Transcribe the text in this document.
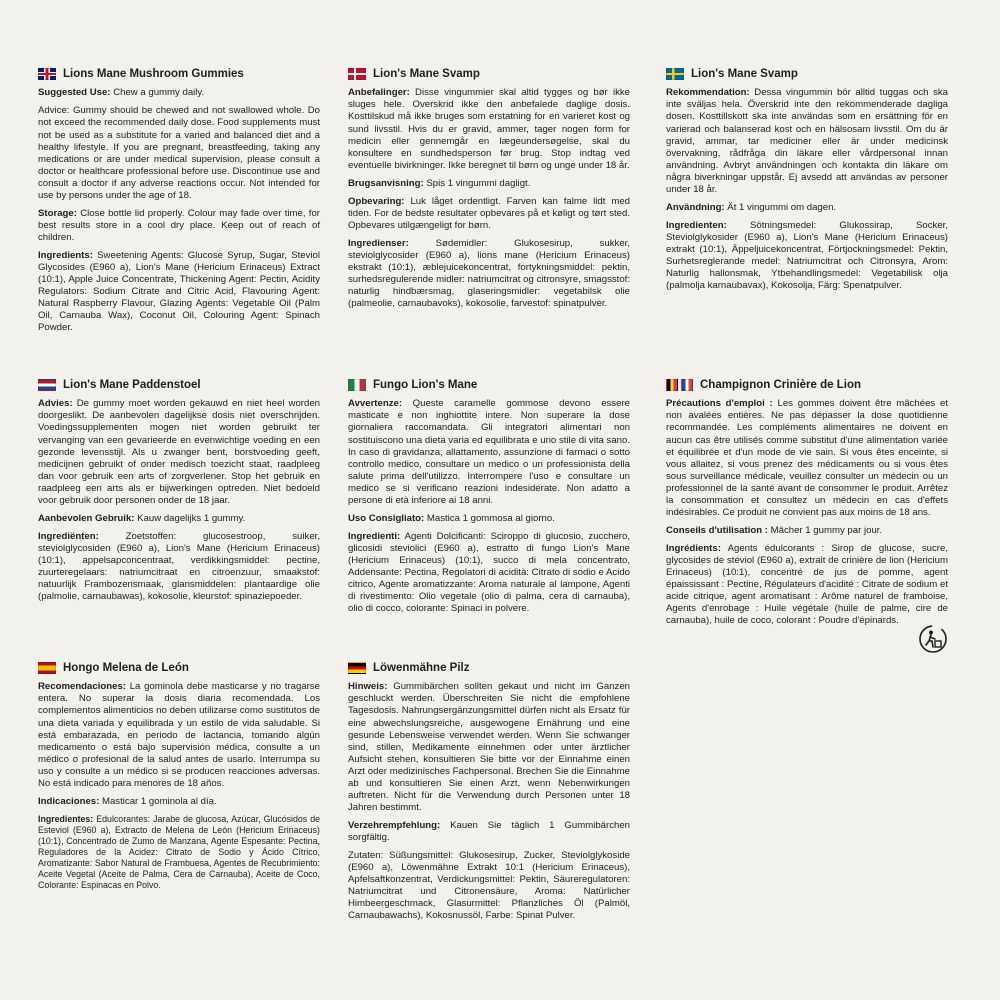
Lions Mane Mushroom Gummies

Suggested Use: Chew a gummy daily.

Advice: Gummy should be chewed and not swallowed whole. Do not exceed the recommended daily dose. Food supplements must not be used as a substitute for a varied and balanced diet and a healthy lifestyle. If you are pregnant, breastfeeding, taking any medications or are under medical supervision, please consult a doctor or healthcare professional before use. Discontinue use and consult a doctor if any adverse reactions occur. Not intended for use by persons under the age of 18.

Storage: Close bottle lid properly. Colour may fade over time, for best results store in a cool dry place. Keep out of reach of children.

Ingredients: Sweetening Agents: Glucose Syrup, Sugar, Steviol Glycosides (E960 a), Lion's Mane (Hericium Erinaceus) Extract (10:1), Apple Juice Concentrate, Thickening Agent: Pectin, Acidity Regulators: Sodium Citrate and Citric Acid, Flavouring Agent: Natural Raspberry Flavour, Glazing Agents: Vegetable Oil (Palm Oil, Carnauba Wax), Coconut Oil, Colouring Agent: Spinach Powder.

Lion's Mane Svamp

Anbefalinger: Disse vingummier skal altid tygges og bør ikke sluges hele. Overskrid ikke den anbefalede daglige dosis. Kosttilskud må ikke bruges som erstatning for en varieret kost og sund livsstil. Hvis du er gravid, ammer, tager nogen form for medicin eller gennemgår en lægeundersøgelse, skal du konsultere en sundhedsperson før brug. Stop indtag ved eventuelle bivirkninger. Ikke beregnet til børn og unge under 18 år.

Brugsanvisning: Spis 1 vingummi dagligt.

Opbevaring: Luk låget ordentligt. Farven kan falme lidt med tiden. For de bedste resultater opbevares på et køligt og tørt sted. Opbevares utilgængeligt for børn.

Ingredienser:	Sødemidler: Glukosesirup, sukker, steviolglycosider (E960 a), lions mane (Hericium Erinaceus) ekstrakt (10:1), æblejuicekoncentrat, fortykningsmiddel: pektin, surhedsregulerende midler: natriumcitrat og citronsyre, smagsstof: naturlig hindbærsmag, glaseringsmidler: vegetabilsk olie (palmeolie, carnaubavoks), kokosolie, farvestof: spinatpulver.

Lion's Mane Svamp

Rekommendation: Dessa vingummin bör alltid tuggas och ska inte sväljas hela. Överskrid inte den rekommenderade dagliga dosen. Kosttillskott ska inte användas som en ersättning för en varierad och balanserad kost och en hälsosam livsstil. Om du är gravid, ammar, tar mediciner eller är under medicinsk övervakning, rådfråga din läkare eller vårdpersonal innan användning. Avbryt användningen och kontakta din läkare om några biverkningar uppstår. Ej avsedd att användas av personer under 18 år.

Användning: Ät 1 vingummi om dagen.

Ingredienten: Sötningsmedel: Glukossirap, Socker, Steviolglykosider (E960 a), Lion's Mane (Hericium Erinaceus) extrakt (10:1), Äppeljuicekoncentrat, Förtjockningsmedel: Pektin, Surhetsreglerande medel: Natriumcitrat och Citronsyra, Arom: Naturlig hallonsmak, Ytbehandlingsmedel: Vegetabilisk olja (palmolja karnaubavax), Kokosolja, Färg: Spenatpulver.

Lion's Mane Paddenstoel

Advies: De gummy moet worden gekauwd en niet heel worden doorgeslikt. De aanbevolen dagelijkse dosis niet overschrijden. Voedingssupplementen mogen niet worden gebruikt ter vervanging van een gevarieerde en evenwichtige voeding en een gezonde levensstijl. Als u zwanger bent, borstvoeding geeft, medicijnen gebruikt of onder medisch toezicht staat, raadpleeg dan voor gebruik een arts of zorgverlener. Stop het gebruik en raadpleeg een arts als er bijwerkingen optreden. Niet bedoeld voor gebruik door personen onder de 18 jaar.

Aanbevolen Gebruik: Kauw dagelijks 1 gummy.

Ingrediënten:	Zoetstoffen: glucosestroop, suiker, steviolglycosiden (E960 a), Lion's Mane (Hericium Erinaceus) (10:1), appelsapconcentraat, verdikkingsmiddel: pectine, zuurteregelaars: natriumcitraat en citroenzuur, smaakstof: natuurlijk Frambozensmaak, glansmiddelen: plantaardige olie (palmolie, carnaubawas), kokosolie, kleurstof: spinaziepoeder.

Fungo Lion's Mane

Avvertenze: Queste caramelle gommose devono essere masticate e non inghiottite intere. Non superare la dose giornaliera raccomandata. Gli integratori alimentari non sostituiscono una dieta varia ed equilibrata e uno stile di vita sano. In caso di gravidanza, allattamento, assunzione di farmaci o sotto controllo medico, consultare un medico o un professionista della salute prima dell'utilizzo. Interrompere l'uso e consultare un medico se si verificano reazioni indesiderate. Non adatto a persone di età inferiore ai 18 anni.

Uso Consigliato: Mastica 1 gommosa al giorno.

Ingredienti: Agenti Dolcificanti: Sciroppo di glucosio, zucchero, glicosidi steviolici (E960 a), estratto di fungo Lion's Mane (Hericium Erinaceus) (10:1), succo di mela concentrato, Addensante: Pectina, Regolatori di acidità: Citrato di sodio e Acido citrico, Agente aromatizzante: Aroma naturale al lampone, Agenti di rivestimento: Olio vegetale (olio di palma, cera di carnauba), olio di cocco, colorante: Spinaci in polvere.

Champignon Crinière de Lion

Précautions d'emploi : Les gommes doivent être mâchées et non avalées entières. Ne pas dépasser la dose quotidienne recommandée. Les compléments alimentaires ne doivent en aucun cas être utilisés comme substitut d'une alimentation variée et équilibrée et d'un mode de vie sain. Si vous êtes enceinte, si vous allaitez, si vous prenez des médicaments ou si vous êtes sous surveillance médicale, veuillez consulter un médecin ou un professionnel de la santé avant de consommer le produit. Arrêtez la consommation et consultez un médecin en cas d'effets indésirables. Ce produit ne convient pas aux moins de 18 ans.

Conseils d'utilisation : Mâcher 1 gummy par jour.

Ingrédients: Agents édulcorants : Sirop de glucose, sucre, glycosides de stéviol (E960 a), extrait de crinière de lion (Hericium Erinaceus) (10:1), concentré de jus de pomme, agent épaississant : Pectine, Régulateurs d'acidité : Citrate de sodium et acide citrique, agent aromatisant : Arôme naturel de framboise, Agents d'enrobage : Huile végétale (huile de palme, cire de carnauba), huile de coco, colorant : Poudre d'épinards.

Hongo Melena de León

Recomendaciones: La gominola debe masticarse y no tragarse entera. No superar la dosis diaria recomendada. Los complementos alimenticios no deben utilizarse como sustitutos de una dieta variada y equilibrada y un estilo de vida saludable. Si está embarazada, en periodo de lactancia, tomando algún medicamento o está bajo supervisión médica, consulte a un médico o profesional de la salud antes de usarlo. Interrumpa su uso y consulte a un médico si se producen reacciones adversas. No está indicado para menores de 18 años.

Indicaciones: Masticar 1 gominola al día.

Ingredientes: Edulcorantes: Jarabe de glucosa, Azúcar, Glucósidos de Esteviol (E960 a), Extracto de Melena de León (Hericium Erinaceus) (10:1), Concentrado de Zumo de Manzana, Agente Espesante: Pectina, Reguladores de la Acidez: Citrato de Sodio y Ácido Cítrico, Aromatizante: Sabor Natural de Frambuesa, Agentes de Recubrimiento: Aceite Vegetal (Aceite de Palma, Cera de Carnauba), Aceite de Coco, Colorante: Espinacas en Polvo.

Löwenmähne Pilz

Hinweis: Gummibärchen sollten gekaut und nicht im Ganzen geschluckt werden. Überschreiten Sie nicht die empfohlene Tagesdosis. Nahrungsergänzungsmittel dürfen nicht als Ersatz für eine abwechslungsreiche, ausgewogene Ernährung und eine gesunde Lebensweise verwendet werden. Wenn Sie schwanger sind, stillen, Medikamente einnehmen oder unter ärztlicher Aufsicht stehen, konsultieren Sie bitte vor der Einnahme einen Arzt oder medizinisches Fachpersonal. Brechen Sie die Einnahme ab und konsultieren Sie einen Arzt, wenn Nebenwirkungen auftreten. Nicht für die Verwendung durch Personen unter 18 Jahren bestimmt.

Verzehrempfehlung: Kauen Sie täglich 1 Gummibärchen sorgfältig.

Zutaten: Süßungsmittel: Glukosesirup, Zucker, Steviolglykoside (E960 a), Löwenmähne Extrakt 10:1 (Hericium Erinaceus), Apfelsaftkonzentrat, Verdickungsmittel: Pektin, Säureregulatoren: Natriumcitrat und Citronensäure, Aroma: Natürlicher Himbeergeschmack, Glasurmittel: Pflanzliches Öl (Palmöl, Carnaubawachs), Kokosnussöl, Farbe: Spinat Pulver.
